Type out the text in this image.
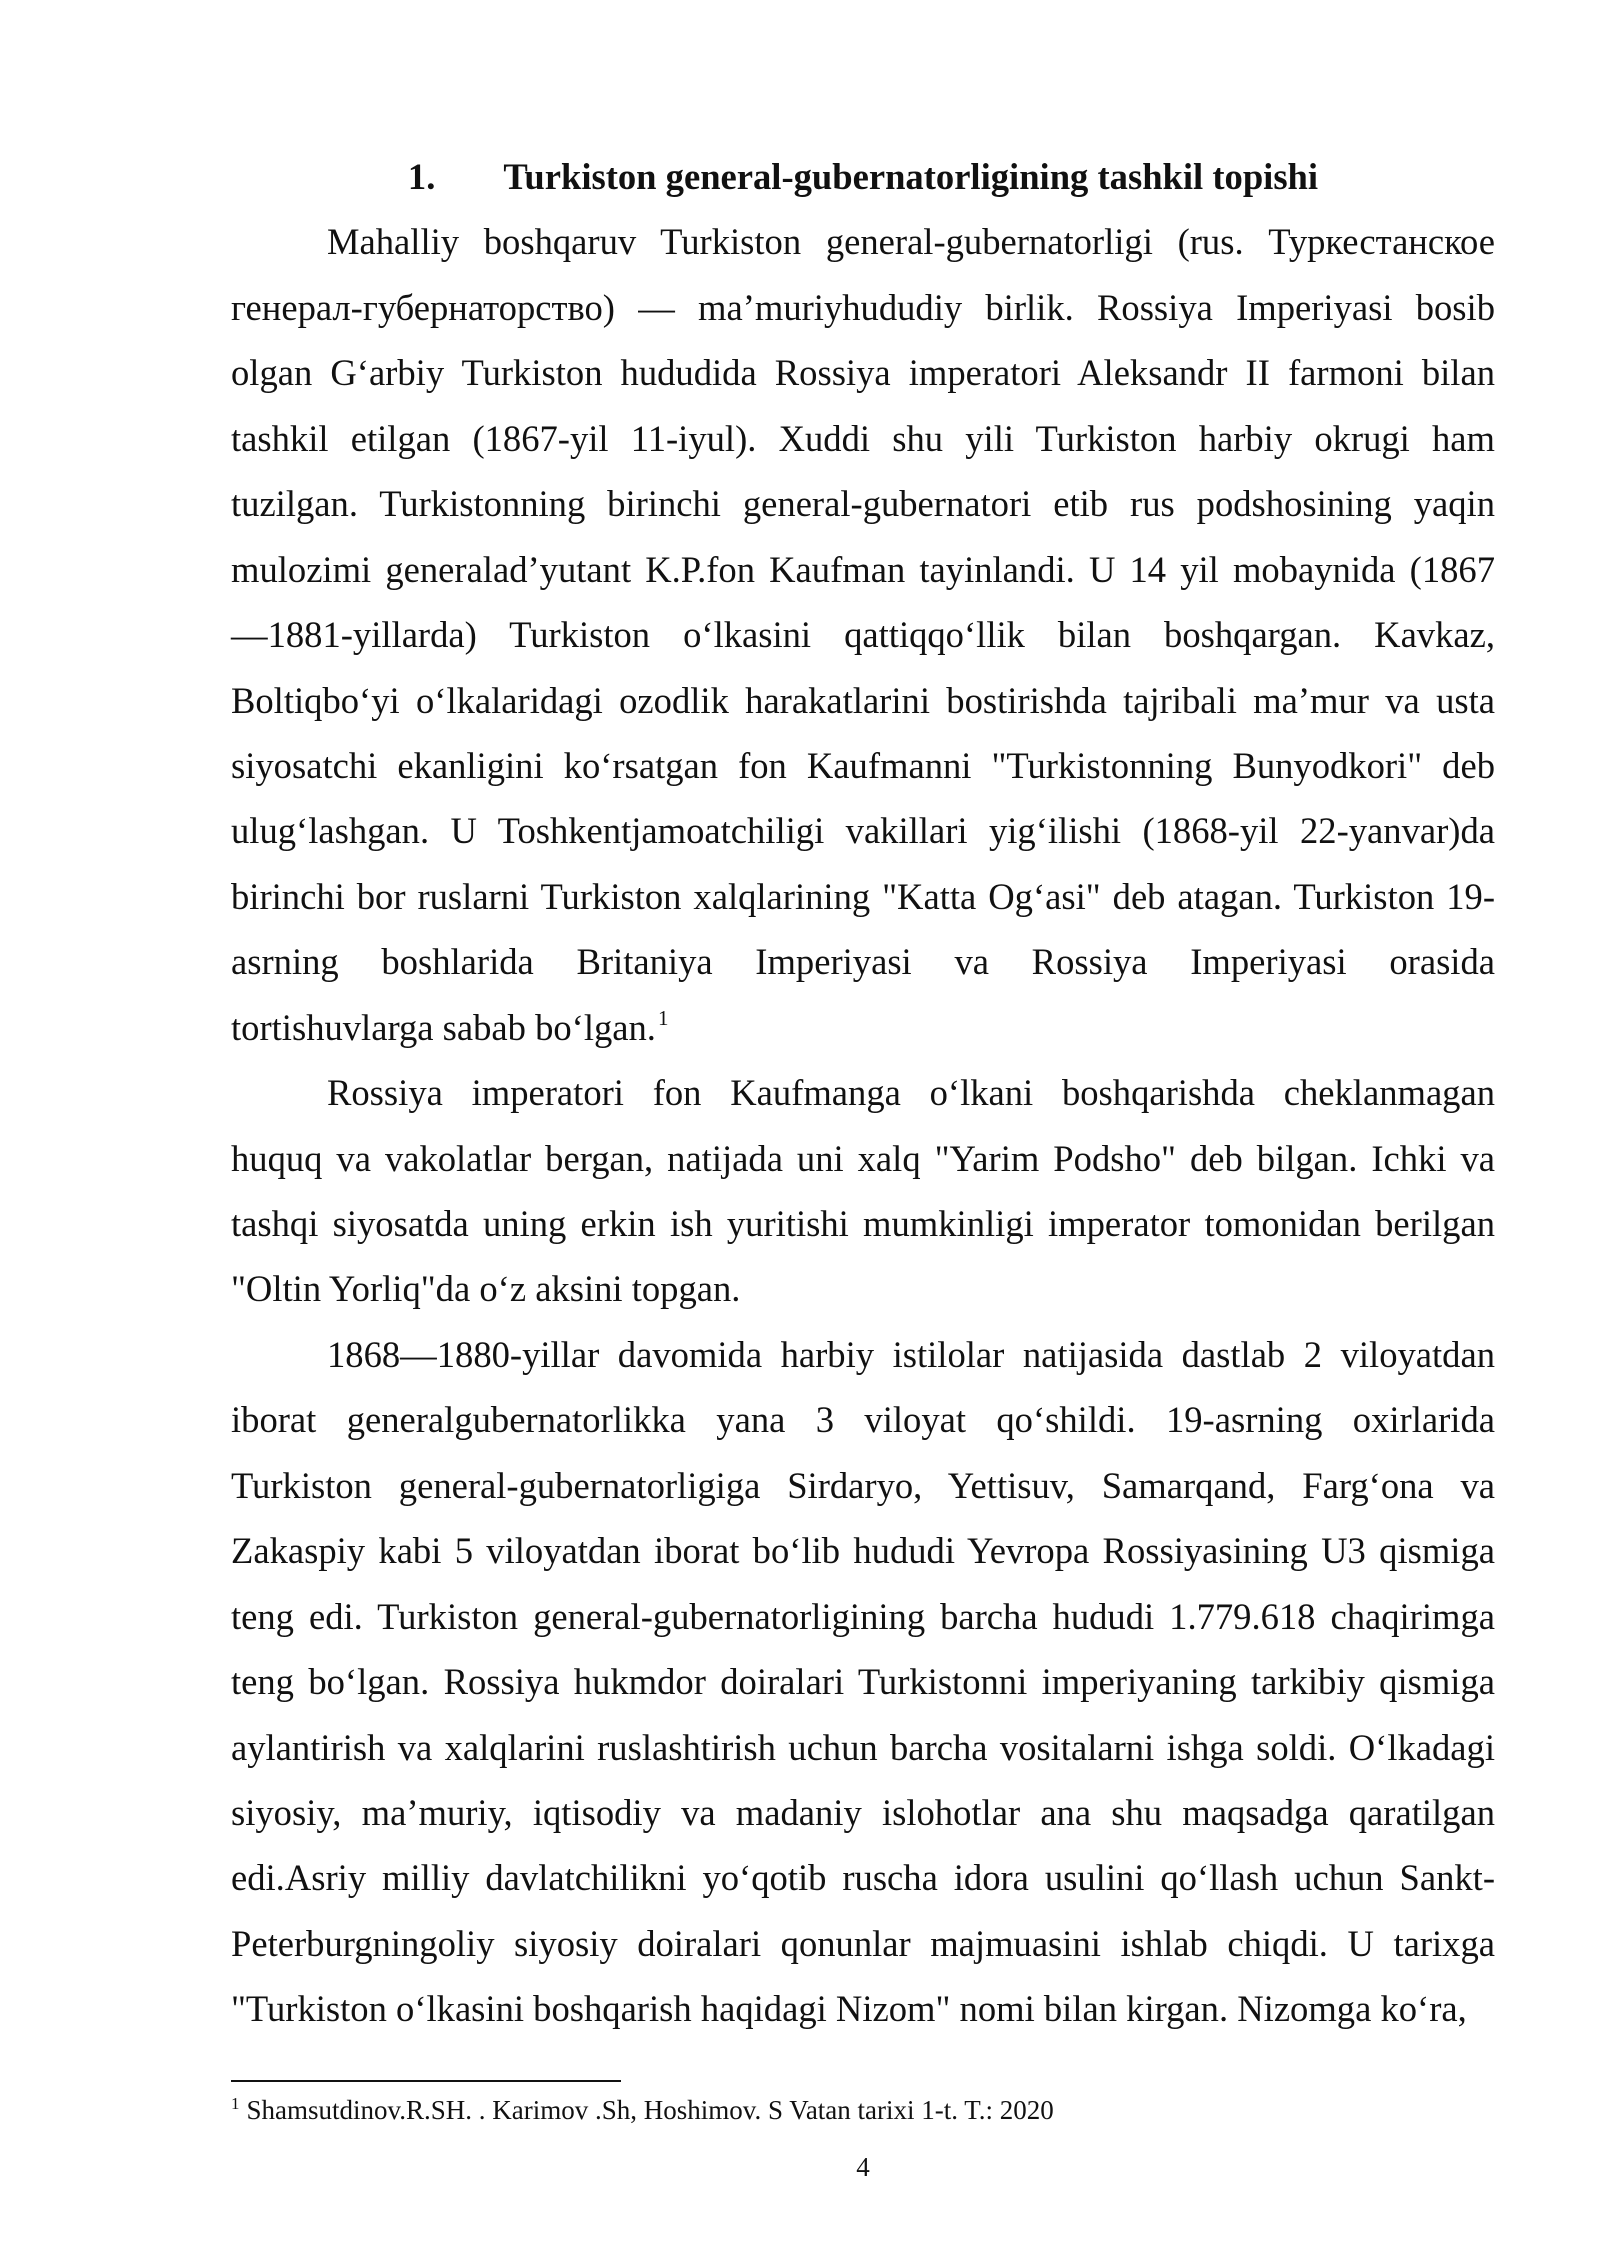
1. Turkiston general-gubernatorligining tashkil topishi
Mahalliy boshqaruv Turkiston general-gubernatorligi (rus. Туркестанское
генерал-губернаторство) — ma’muriyhududiy birlik. Rossiya Imperiyasi bosib
olgan G‘arbiy Turkiston hududida Rossiya imperatori Aleksandr II farmoni bilan
tashkil etilgan (1867-yil 11-iyul). Xuddi shu yili Turkiston harbiy okrugi ham
tuzilgan. Turkistonning birinchi general-gubernatori etib rus podshosining yaqin
mulozimi generalad’yutant K.P.fon Kaufman tayinlandi. U 14 yil mobaynida (1867
—1881-yillarda) Turkiston o‘lkasini qattiqqo‘llik bilan boshqargan. Kavkaz,
Boltiqbo‘yi o‘lkalaridagi ozodlik harakatlarini bostirishda tajribali ma’mur va usta
siyosatchi ekanligini ko‘rsatgan fon Kaufmanni "Turkistonning Bunyodkori" deb
ulug‘lashgan. U Toshkentjamoatchiligi vakillari yig‘ilishi (1868-yil 22-yanvar)da
birinchi bor ruslarni Turkiston xalqlarining "Katta Og‘asi" deb atagan. Turkiston 19-
asrning boshlarida Britaniya Imperiyasi va Rossiya Imperiyasi orasida
tortishuvlarga sabab bo‘lgan.$^1$
Rossiya imperatori fon Kaufmanga o‘lkani boshqarishda cheklanmagan
huquq va vakolatlar bergan, natijada uni xalq "Yarim Podsho" deb bilgan. Ichki va
tashqi siyosatda uning erkin ish yuritishi mumkinligi imperator tomonidan berilgan
"Oltin Yorliq"da o‘z aksini topgan.
1868—1880-yillar davomida harbiy istilolar natijasida dastlab 2 viloyatdan
iborat generalgubernatorlikka yana 3 viloyat qo‘shildi. 19-asrning oxirlarida
Turkiston general-gubernatorligiga Sirdaryo, Yettisuv, Samarqand, Farg‘ona va
Zakaspiy kabi 5 viloyatdan iborat bo‘lib hududi Yevropa Rossiyasining U3 qismiga
teng edi. Turkiston general-gubernatorligining barcha hududi 1.779.618 chaqirimga
teng bo‘lgan. Rossiya hukmdor doiralari Turkistonni imperiyaning tarkibiy qismiga
aylantirish va xalqlarini ruslashtirish uchun barcha vositalarni ishga soldi. O‘lkadagi
siyosiy, ma’muriy, iqtisodiy va madaniy islohotlar ana shu maqsadga qaratilgan
edi.Asriy milliy davlatchilikni yo‘qotib ruscha idora usulini qo‘llash uchun Sankt-
Peterburgningoliy siyosiy doiralari qonunlar majmuasini ishlab chiqdi. U tarixga
"Turkiston o‘lkasini boshqarish haqidagi Nizom" nomi bilan kirgan. Nizomga ko‘ra,
$^1$ Shamsutdinov.R.SH. . Karimov .Sh, Hoshimov. S Vatan tarixi 1-t. T.: 2020
4
